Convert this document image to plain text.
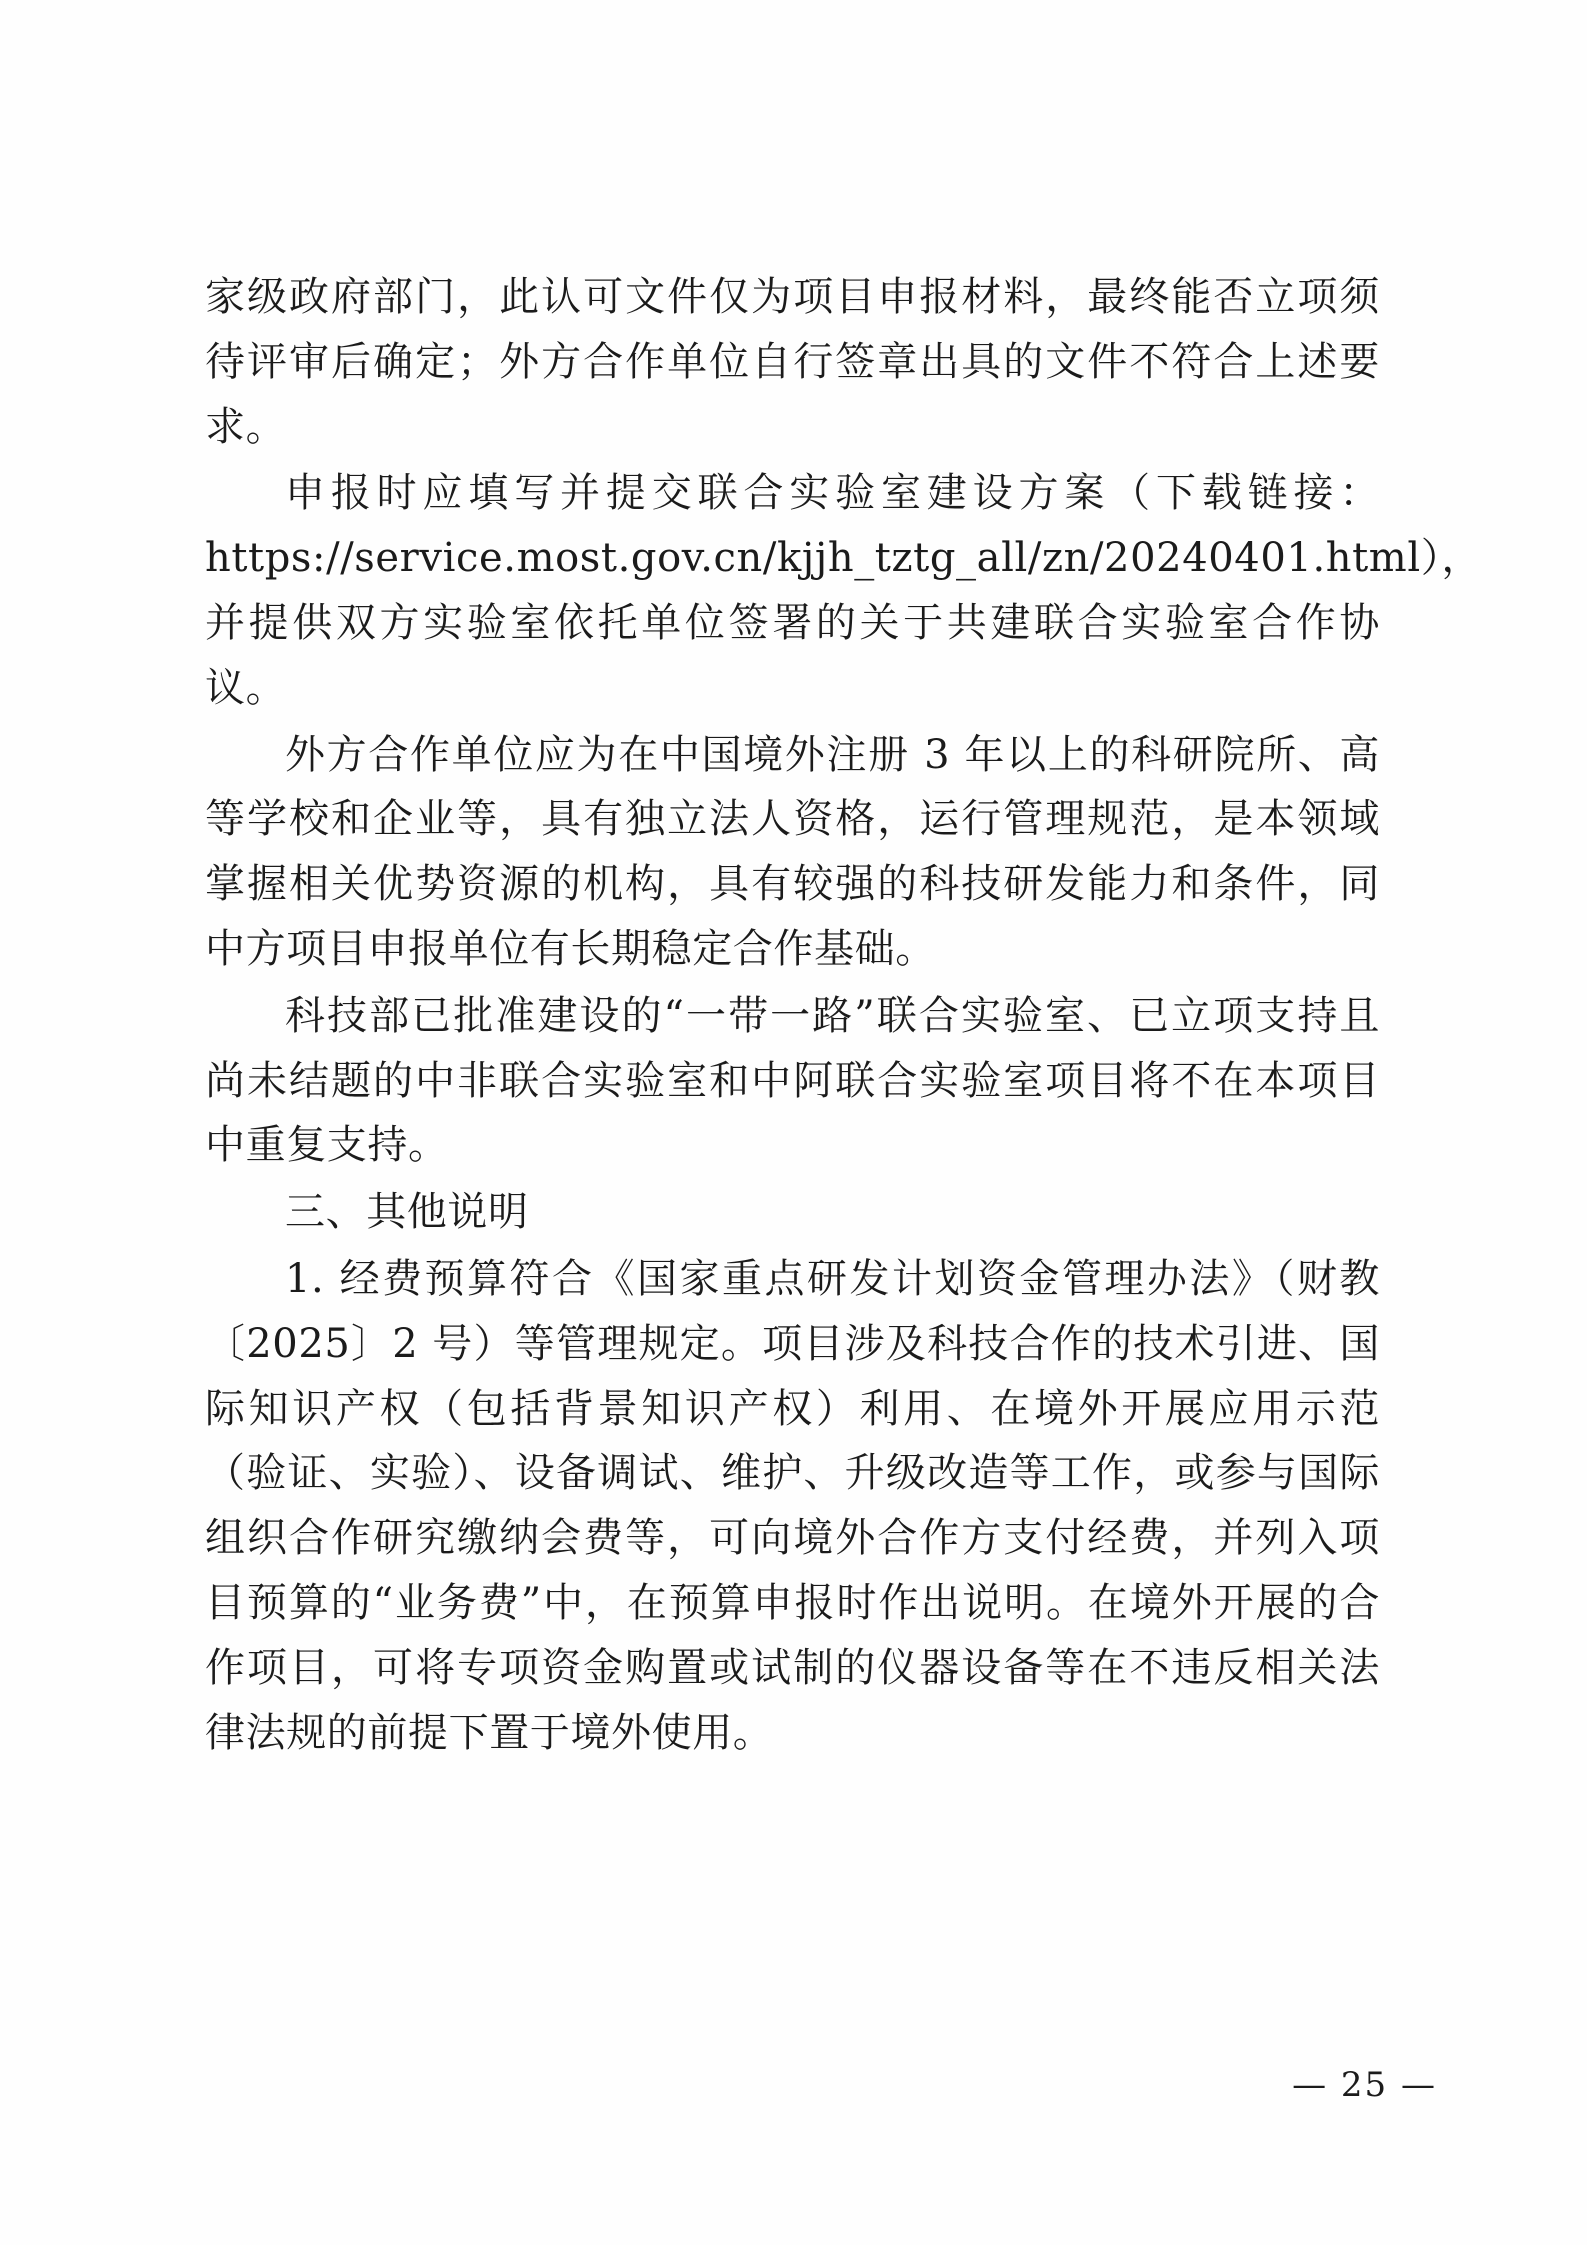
家级政府部门，此认可文件仅为项目申报材料，最终能否立项须待评审后确定；外方合作单位自行签章出具的文件不符合上述要求。

申报时应填写并提交联合实验室建设方案（下载链接：https://service.most.gov.cn/kjjh_tztg_all/zn/20240401.html），并提供双方实验室依托单位签署的关于共建联合实验室合作协议。

外方合作单位应为在中国境外注册 3 年以上的科研院所、高等学校和企业等，具有独立法人资格，运行管理规范，是本领域掌握相关优势资源的机构，具有较强的科技研发能力和条件，同中方项目申报单位有长期稳定合作基础。

科技部已批准建设的“一带一路”联合实验室、已立项支持且尚未结题的中非联合实验室和中阿联合实验室项目将不在本项目中重复支持。

三、其他说明

1. 经费预算符合《国家重点研发计划资金管理办法》（财教〔2025〕2 号）等管理规定。项目涉及科技合作的技术引进、国际知识产权（包括背景知识产权）利用、在境外开展应用示范（验证、实验）、设备调试、维护、升级改造等工作，或参与国际组织合作研究缴纳会费等，可向境外合作方支付经费，并列入项目预算的“业务费”中，在预算申报时作出说明。在境外开展的合作项目，可将专项资金购置或试制的仪器设备等在不违反相关法律法规的前提下置于境外使用。

— 25 —
